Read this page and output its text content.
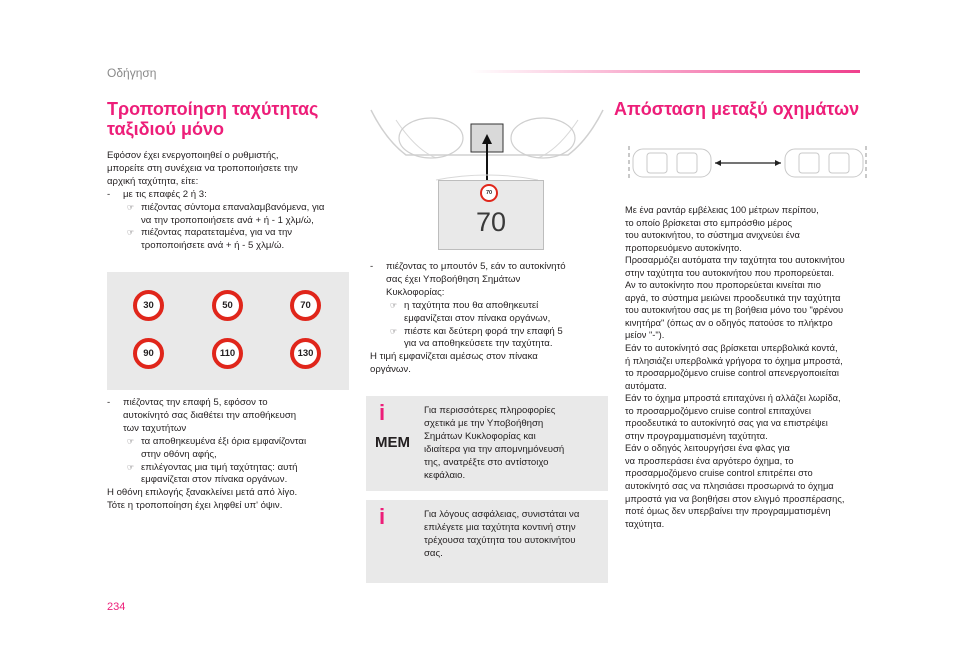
Οδήγηση
Τροποποίηση ταχύτητας
ταξιδιού μόνο

Εφόσον έχει ενεργοποιηθεί ο ρυθμιστής,

μπορείτε στη συνέχεια να τροποποιήσετε την

αρχική ταχύτητα, είτε:

- με τις επαφές 2 ή 3:

☞ πιέζοντας σύντομα επαναλαμβανόμενα, για

να την τροποποιήσετε ανά + ή - 1 χλμ/ώ,

☞ πιέζοντας παρατεταμένα, για να την

τροποποιήσετε ανά + ή - 5 χλμ/ώ.

30	50	70
90	110	130

- πιέζοντας την επαφή 5, εφόσον το

αυτοκίνητό σας διαθέτει την αποθήκευση

των ταχυτήτων

☞ τα αποθηκευμένα έξι όρια εμφανίζονται

στην οθόνη αφής,

☞ επιλέγοντας μια τιμή ταχύτητας: αυτή

εμφανίζεται στον πίνακα οργάνων.

Η οθόνη επιλογής ξανακλείνει μετά από λίγο.

Τότε η τροποποίηση έχει ληφθεί υπ' όψιν.

70
70

- πιέζοντας το μπουτόν 5, εάν το αυτοκίνητό

σας έχει Υποβοήθηση Σημάτων

Κυκλοφορίας:

☞ η ταχύτητα που θα αποθηκευτεί

εμφανίζεται στον πίνακα οργάνων,

☞ πιέστε και δεύτερη φορά την επαφή 5

για να αποθηκεύσετε την ταχύτητα.

Η τιμή εμφανίζεται αμέσως στον πίνακα

οργάνων.

i
MEM

Για περισσότερες πληροφορίες

σχετικά με την Υποβοήθηση

Σημάτων Κυκλοφορίας και

ιδιαίτερα για την απομνημόνευσή

της, ανατρέξτε στο αντίστοιχο

κεφάλαιο.

i	Για λόγους ασφάλειας, συνιστάται να

επιλέγετε μια ταχύτητα κοντινή στην

τρέχουσα ταχύτητα του αυτοκινήτου

σας.

Απόσταση μεταξύ οχημάτων

Με ένα ραντάρ εμβέλειας 100 μέτρων περίπου,

το οποίο βρίσκεται στο εμπρόσθιο μέρος

του αυτοκινήτου, το σύστημα ανιχνεύει ένα

προπορευόμενο αυτοκίνητο.

Προσαρμόζει αυτόματα την ταχύτητα του αυτοκινήτου

στην ταχύτητα του αυτοκινήτου που προπορεύεται.

Αν το αυτοκίνητο που προπορεύεται κινείται πιο

αργά, το σύστημα μειώνει προοδευτικά την ταχύτητα

του αυτοκινήτου σας με τη βοήθεια μόνο του "φρένου

κινητήρα" (όπως αν ο οδηγός πατούσε το πλήκτρο

μείον "-").

Εάν το αυτοκίνητό σας βρίσκεται υπερβολικά κοντά,

ή πλησιάζει υπερβολικά γρήγορα το όχημα μπροστά,

το προσαρμοζόμενο cruise control απενεργοποιείται

αυτόματα.

Εάν το όχημα μπροστά επιταχύνει ή αλλάζει λωρίδα,

το προσαρμοζόμενο cruise control επιταχύνει

προοδευτικά το αυτοκίνητό σας για να επιστρέψει

στην προγραμματισμένη ταχύτητα.

Εάν ο οδηγός λειτουργήσει ένα φλας για

να προσπεράσει ένα αργότερο όχημα, το

προσαρμοζόμενο cruise control επιτρέπει στο

αυτοκίνητό σας να πλησιάσει προσωρινά το όχημα

μπροστά για να βοηθήσει στον ελιγμό προσπέρασης,

ποτέ όμως δεν υπερβαίνει την προγραμματισμένη

ταχύτητα.

234
